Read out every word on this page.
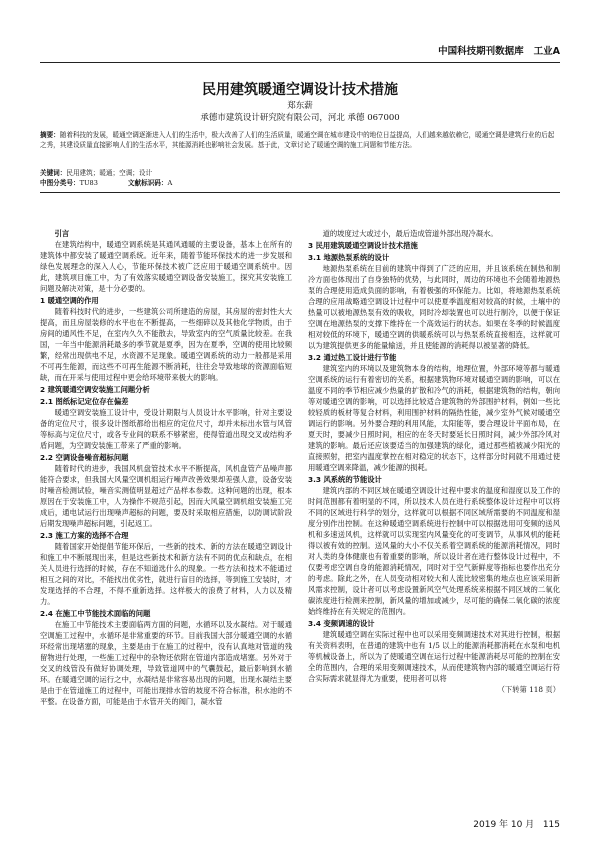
中国科技期刊数据库 工业A
民用建筑暖通空调设计技术措施
郑东薪
承德市建筑设计研究院有限公司，河北 承德 067000
摘要：随着科技的发展，暖通空调逐渐进入人们的生活中，极大改善了人们的生活质量，暖通空调在城市建设中的地位日益提高，人们越来越依赖它，暖通空调是建筑行业的后起之秀，其建设质量直接影响人们的生活水平，其能源消耗也影响社会发展。基于此，文章讨论了暖通空调的施工问题和节能方法。
关键词：民用建筑；暖通；空调；设计
中图分类号：TU83	文献标识码：A
引言

在建筑结构中，暖通空调系统是其通风通暖的主要设备，基本上在所有的建筑体中都安装了暖通空调系统。近年来，随着节能环保技术的进一步发展和绿色发展理念的深入人心，节能环保技术被广泛应用于暖通空调系统中。因此，建筑项目施工中，为了有效落实暖通空调设备安装施工，探究其安装施工问题及解决对策，是十分必要的。

1 暖通空调的作用

随着科技时代的进步，一些建筑公司所建造的房屋，其房屋的密封性大大提高，而且房屋装修的水平也在不断提高，一些细碎以及其他化学物质，由于房间的通风性不足，在室内久久不能散去，导致室内的空气质量比较差。在我国，一年当中能源消耗最多的季节就是夏季，因为在夏季，空调的使用比较频繁，经常出现供电不足，水资源不足现象。暖通空调系统的动力一般都是采用不可再生能源，而这些不可再生能源不断消耗，往往会导致地球的资源面临短缺，而在开采与使用过程中更会给环境带来极大的影响。

2 建筑暖通空调安装施工问题分析
2.1 图纸标记定位存在偏差

暖通空调安装施工设计中，受设计期限与人员设计水平影响，针对主要设备的定位尺寸，很多设计图纸都给出相应的定位尺寸，却并未标出水管与风管等标高与定位尺寸，或各专业间的联系不够紧密，使得管道出现交叉或结构矛盾问题，为空调安装施工带来了严重的影响。

2.2 空调设备噪音超标问题

随着时代的进步，我国风机盘管技术水平不断提高，风机盘管产品噪声都能符合要求，但我国大风量空调机组运行噪声改善效果却差强人意，设备安装时噪音检测试验，噪音实测值明显超过产品样本参数。这种问题的出现，根本原因在于安装施工中，人为操作不规范引起，因而大风量空调机组安装施工完成后，通电试运行出现噪声超标的问题，要及时采取相应措施，以防调试阶段后期发现噪声超标问题，引起返工。

2.3 施工方案的选择不合理

随着国家开始提倡节能环保后，一些新的技术、新的方法在暖通空调设计和施工中不断展现出来，但是这些新技术和新方法有不同的优点和缺点，在相关人员进行选择的时候，存在不知道选什么的现象。一些方法和技术不能通过相互之间的对比，不能找出优劣性，就进行盲目的选择，等到施工安装时，才发现选择的不合理，不得不重新选择。这样极大的浪费了材料，人力以及精力。

2.4 在施工中节能技术面临的问题

在施工中节能技术主要面临两方面的问题，水循环以及水凝结。对于暖通空调施工过程中，水循环是非常重要的环节。目前我国大部分暖通空调的水循环经常出现堵塞的现象，主要是由于在施工的过程中，没有认真地对管道的残留物进行处理，一些施工过程中的杂物还依附在管道内部造成堵塞。另外对于交叉的线管没有做好协调处理，导致管道网中的气囊鼓起，最后影响到水循环。在暖通空调的运行之中，水凝结是非常容易出现的问题，出现水凝结主要是由于在管道施工的过程中，可能出现排水管的坡度不符合标准，积水池的不平整。在设备方面，可能是由于水管开关的阀门，凝水管

道的坡度过大或过小，最后造成管道外部出现冷凝水。

3 民用建筑暖通空调设计技术措施
3.1 地源热泵系统的设计

地源热泵系统在目前的建筑中得到了广泛的应用，并且该系统在制热和制冷方面也体现出了自身独特的优势，与此同时，周边的环境也不会随着地源热泵的合理使用造成负面的影响，有着极强的环保能力。比如，将地源热泵系统合理的应用战略通空调设计过程中可以使夏季温度相对较高的时候，土壤中的热量可以被地源热泵有效的吸收，同时冷却装置也可以进行制冷，以便于保证空调在地源热泵的支撑下维持在一个高效运行的状态。如果在冬季的时候温度相对较低的环境下，暖通空调的供暖系统可以与热泵系统直接相连，这样就可以为建筑提供更多的能量输送，并且使能源的消耗得以被显著的降低。

3.2 通过热工设计进行节能

建筑室内的环境以及建筑物本身的结构，地理位置，外部环境等都与暖通空调系统的运行有着密切的关系，根据建筑物环境对暖通空调的影响，可以在温度不同的季节相应减少热量的扩散和冷气的消耗，根据建筑物的结构，朝向等对暖通空调的影响，可以选择比较适合建筑物的外部围护材料，例如一些比较轻质的板材等复合材料，利用围护材料的隔热性能，减少室外气候对暖通空调运行的影响。另外要合理的利用风能，太阳能等，要合理设计平面布局，在夏天时，要减少日照时间，相应的在冬天时要延长日照时间，减少外部冷风对建筑的影响。最后还应该要适当的加强建筑的绿化，通过那些植被减少阳光的直接照射，把室内温度掌控在相对稳定的状态下，这样部分时间就不用通过使用暖通空调来降温，减少能源的损耗。

3.3 风系统的节能设计

建筑内部的不同区域在暖通空调设计过程中要求的温度和湿度以及工作的时间范围都有着明显的不同，所以技术人员在进行系统整体设计过程中可以将不同的区域进行科学的划分，这样就可以根据不同区域所需要的不同温度和湿度分别作出控制。在这种暖通空调系统进行控制中可以根据选用可变频的送风机和多速送风机，这样就可以实现室内风量变化的可变调节，从事风机的能耗得以被有效的控制。送风量的大小不仅关系着空调系统的能源消耗情况，同时对人类的身体健康也有着重要的影响，所以设计者在进行整体设计过程中，不仅要考虑空调自身的能源消耗情况，同时对于空气新鲜度等指标也要作出充分的考虑。除此之外，在人员变动相对较大和人流比较密集的地点也应该采用新风需求控制，设计者可以考虑设置新风空气处理系统来根据不同区域的二氧化碳浓度进行检测来控制，新风量的增加或减少，尽可能的确保二氧化碳的浓度始终维持在有关规定的范围内。

3.4 变频调速的设计

建筑暖通空调在实际过程中也可以采用变频调速技术对其进行控制，根据有关资料表明，在普通的建筑中也有 1/5 以上的能源消耗都消耗在水泵和电机等机械设备上，所以为了使暖通空调在运行过程中能源消耗尽可能的控制在安全的范围内，合理的采用变频调速技术，从而使建筑物内部的暖通空调运行符合实际需求就显得尤为重要，使用者可以将

（下转第 118 页）
2019 年 10 月 115
